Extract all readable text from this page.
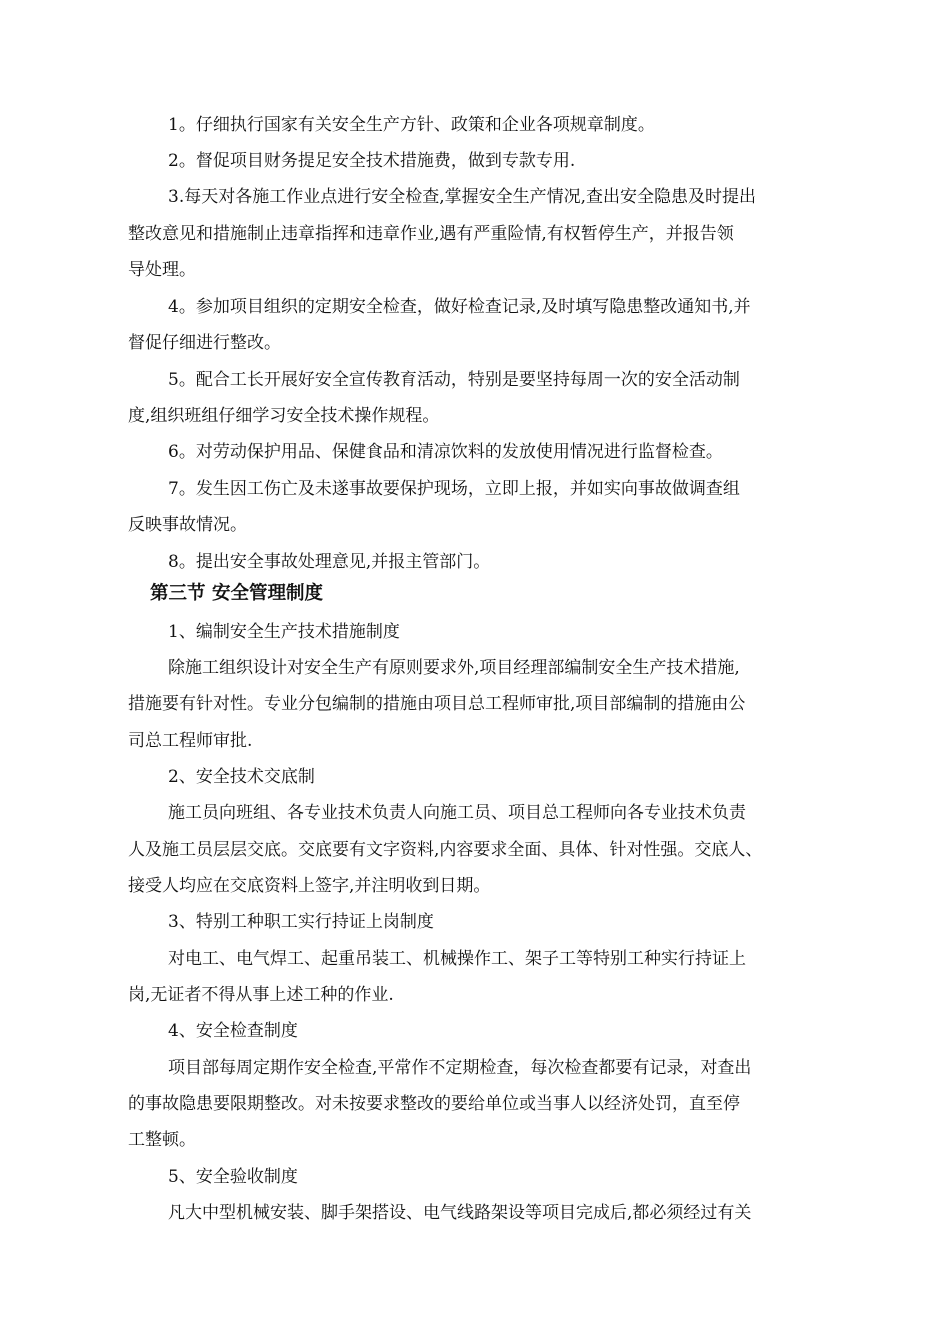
1。仔细执行国家有关安全生产方针、政策和企业各项规章制度。
2。督促项目财务提足安全技术措施费，做到专款专用.
3.每天对各施工作业点进行安全检查,掌握安全生产情况,查出安全隐患及时提出
整改意见和措施制止违章指挥和违章作业,遇有严重险情,有权暂停生产，并报告领
导处理。
4。参加项目组织的定期安全检查，做好检查记录,及时填写隐患整改通知书,并
督促仔细进行整改。
5。配合工长开展好安全宣传教育活动，特别是要坚持每周一次的安全活动制
度,组织班组仔细学习安全技术操作规程。
6。对劳动保护用品、保健食品和清凉饮料的发放使用情况进行监督检查。
7。发生因工伤亡及未遂事故要保护现场，立即上报，并如实向事故做调查组
反映事故情况。
8。提出安全事故处理意见,并报主管部门。
第三节 安全管理制度
1、编制安全生产技术措施制度
除施工组织设计对安全生产有原则要求外,项目经理部编制安全生产技术措施,
措施要有针对性。专业分包编制的措施由项目总工程师审批,项目部编制的措施由公
司总工程师审批.
2、安全技术交底制
施工员向班组、各专业技术负责人向施工员、项目总工程师向各专业技术负责
人及施工员层层交底。交底要有文字资料,内容要求全面、具体、针对性强。交底人、
接受人均应在交底资料上签字,并注明收到日期。
3、特别工种职工实行持证上岗制度
对电工、电气焊工、起重吊装工、机械操作工、架子工等特别工种实行持证上
岗,无证者不得从事上述工种的作业.
4、安全检查制度
项目部每周定期作安全检查,平常作不定期检查，每次检查都要有记录，对查出
的事故隐患要限期整改。对未按要求整改的要给单位或当事人以经济处罚，直至停
工整顿。
5、安全验收制度
凡大中型机械安装、脚手架搭设、电气线路架设等项目完成后,都必须经过有关
